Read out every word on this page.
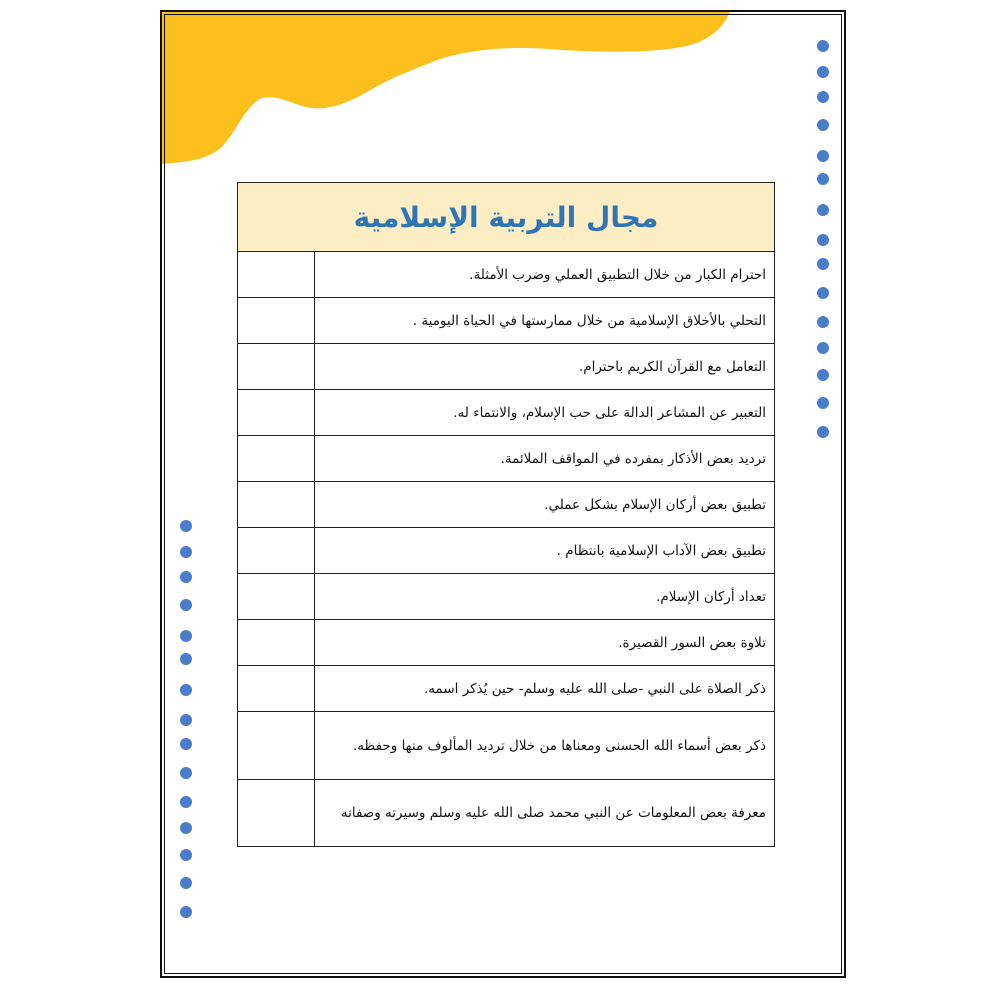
مجال التربية الإسلامية
احترام الكبار من خلال التطبيق العملي وضرب الأمثلة.
التحلي بالأخلاق الإسلامية من خلال ممارستها في الحياة اليومية .
التعامل مع القرآن الكريم باحترام.
التعبير عن المشاعر الدالة على حب الإسلام، والانتماء له.
ترديد بعض الأذكار بمفرده في المواقف الملائمة.
تطبيق بعض أركان الإسلام بشكل عملي.
تطبيق بعض الآداب الإسلامية بانتظام .
تعداد أركان الإسلام.
تلاوة بعض السور القصيرة.
ذكر الصلاة على النبي -صلى الله عليه وسلم- حين يُذكر اسمه.
ذكر بعض أسماء الله الحسنى ومعناها من خلال ترديد المألوف منها وحفظه.
معرفة بعض المعلومات عن النبي محمد صلى الله عليه وسلم وسيرته وصفاته
